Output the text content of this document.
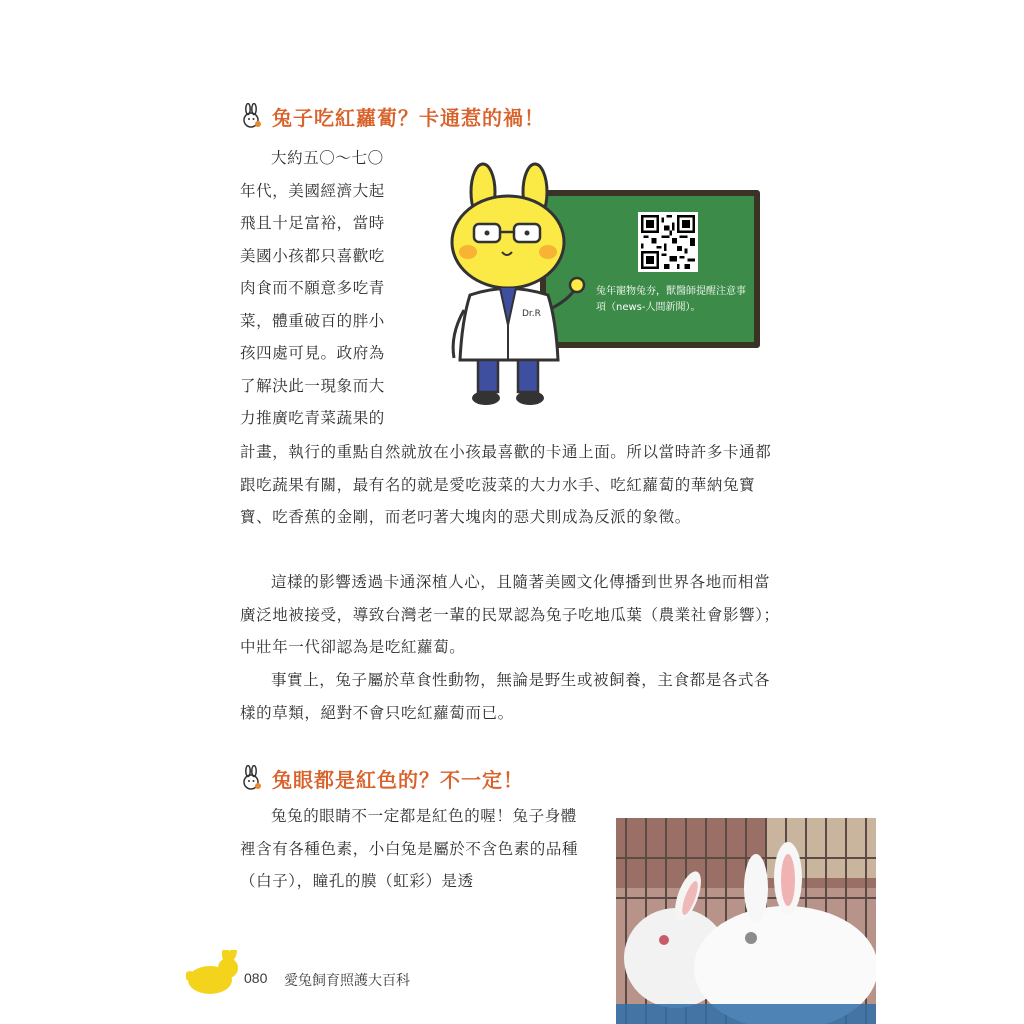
兔子吃紅蘿蔔？卡通惹的禍！

大約五〇～七〇
年代，美國經濟大起
飛且十足富裕，當時
美國小孩都只喜歡吃
肉食而不願意多吃青
菜，體重破百的胖小
孩四處可見。政府為
了解決此一現象而大
力推廣吃青菜蔬果的

兔年寵物兔夯，獸醫師提醒注意事項（news-人間新聞）。
Dr.R

計畫，執行的重點自然就放在小孩最喜歡的卡通上面。所以當時許多卡通都跟吃蔬果有關，最有名的就是愛吃菠菜的大力水手、吃紅蘿蔔的華納兔寶寶、吃香蕉的金剛，而老叼著大塊肉的惡犬則成為反派的象徵。

這樣的影響透過卡通深植人心，且隨著美國文化傳播到世界各地而相當廣泛地被接受，導致台灣老一輩的民眾認為兔子吃地瓜葉（農業社會影響）；中壯年一代卻認為是吃紅蘿蔔。

事實上，兔子屬於草食性動物，無論是野生或被飼養，主食都是各式各樣的草類，絕對不會只吃紅蘿蔔而已。

兔眼都是紅色的？不一定！

兔兔的眼睛不一定都是紅色的喔！兔子身體裡含有各種色素，小白兔是屬於不含色素的品種（白子），瞳孔的膜（虹彩）是透

080 愛兔飼育照護大百科
